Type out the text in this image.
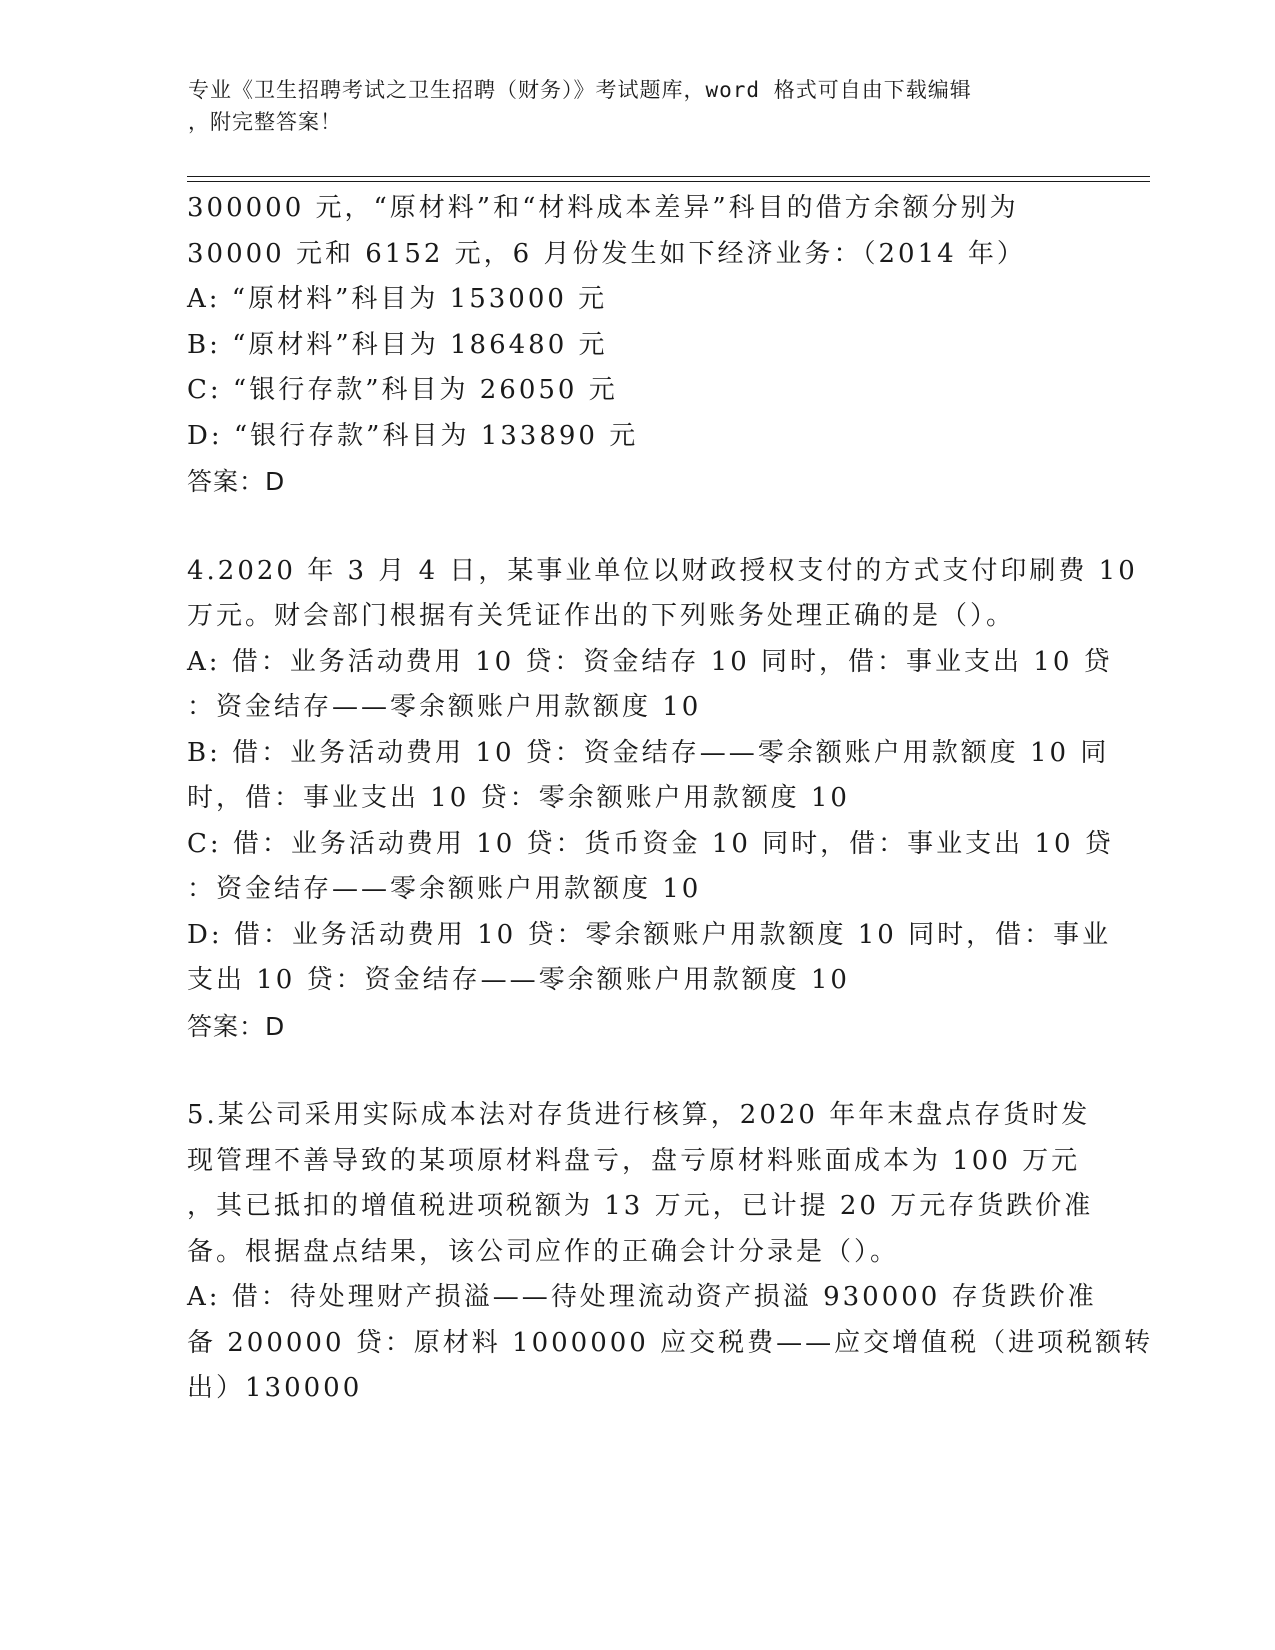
专业《卫生招聘考试之卫生招聘（财务）》考试题库，word 格式可自由下载编辑
，附完整答案！
300000 元，“原材料”和“材料成本差异”科目的借方余额分别为
30000 元和 6152 元，6 月份发生如下经济业务：（2014 年）
A: “原材料”科目为 153000 元
B: “原材料”科目为 186480 元
C: “银行存款”科目为 26050 元
D: “银行存款”科目为 133890 元
答案：D
4.2020 年 3 月 4 日，某事业单位以财政授权支付的方式支付印刷费 10
万元。财会部门根据有关凭证作出的下列账务处理正确的是（）。
A: 借：业务活动费用 10 贷：资金结存 10 同时，借：事业支出 10 贷
：资金结存——零余额账户用款额度 10
B: 借：业务活动费用 10 贷：资金结存——零余额账户用款额度 10 同
时，借：事业支出 10 贷：零余额账户用款额度 10
C: 借：业务活动费用 10 贷：货币资金 10 同时，借：事业支出 10 贷
：资金结存——零余额账户用款额度 10
D: 借：业务活动费用 10 贷：零余额账户用款额度 10 同时，借：事业
支出 10 贷：资金结存——零余额账户用款额度 10
答案：D
5.某公司采用实际成本法对存货进行核算，2020 年年末盘点存货时发
现管理不善导致的某项原材料盘亏，盘亏原材料账面成本为 100 万元
，其已抵扣的增值税进项税额为 13 万元，已计提 20 万元存货跌价准
备。根据盘点结果，该公司应作的正确会计分录是（）。
A: 借：待处理财产损溢——待处理流动资产损溢 930000 存货跌价准
备 200000 贷：原材料 1000000 应交税费——应交增值税（进项税额转
出）130000
